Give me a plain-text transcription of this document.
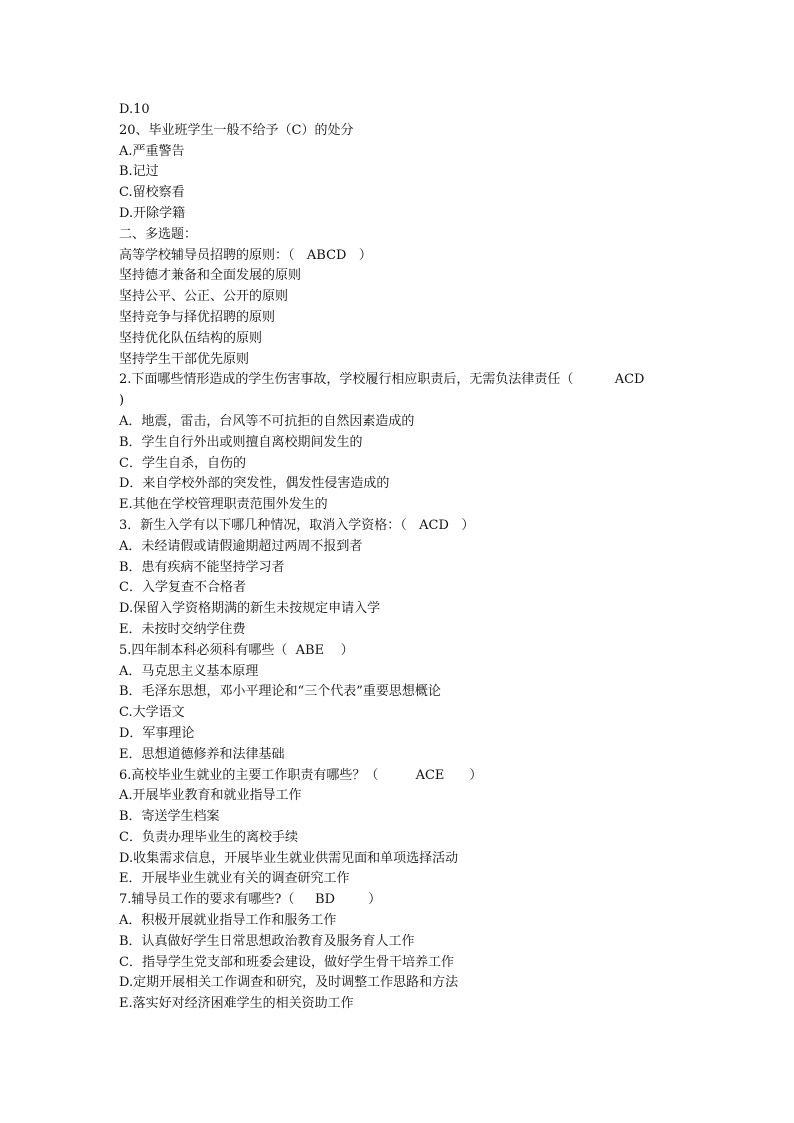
D.10
20、毕业班学生一般不给予（C）的处分
A.严重警告
B.记过
C.留校察看
D.开除学籍
二、多选题：
高等学校辅导员招聘的原则：（   ABCD   ）
坚持德才兼备和全面发展的原则
坚持公平、公正、公开的原则
坚持竞争与择优招聘的原则
坚持优化队伍结构的原则
坚持学生干部优先原则
2.下面哪些情形造成的学生伤害事故，学校履行相应职责后，无需负法律责任（          ACD
)
A．地震，雷击，台风等不可抗拒的自然因素造成的
B．学生自行外出或则擅自离校期间发生的
C．学生自杀，自伤的
D．来自学校外部的突发性，偶发性侵害造成的
E.其他在学校管理职责范围外发生的
3．新生入学有以下哪几种情况，取消入学资格：（   ACD   ）
A．未经请假或请假逾期超过两周不报到者
B．患有疾病不能坚持学习者
C．入学复查不合格者
D.保留入学资格期满的新生未按规定申请入学
E．未按时交纳学住费
5.四年制本科必须科有哪些（  ABE    ）
A．马克思主义基本原理
B．毛泽东思想，邓小平理论和“三个代表”重要思想概论
C.大学语文
D．军事理论
E．思想道德修养和法律基础
6.高校毕业生就业的主要工作职责有哪些？（         ACE      ）
A.开展毕业教育和就业指导工作
B．寄送学生档案
C．负责办理毕业生的离校手续
D.收集需求信息，开展毕业生就业供需见面和单项选择活动
E．开展毕业生就业有关的调查研究工作
7.辅导员工作的要求有哪些?（     BD        ）
A．积极开展就业指导工作和服务工作
B．认真做好学生日常思想政治教育及服务育人工作
C．指导学生党支部和班委会建设，做好学生骨干培养工作
D.定期开展相关工作调查和研究，及时调整工作思路和方法
E.落实好对经济困难学生的相关资助工作
